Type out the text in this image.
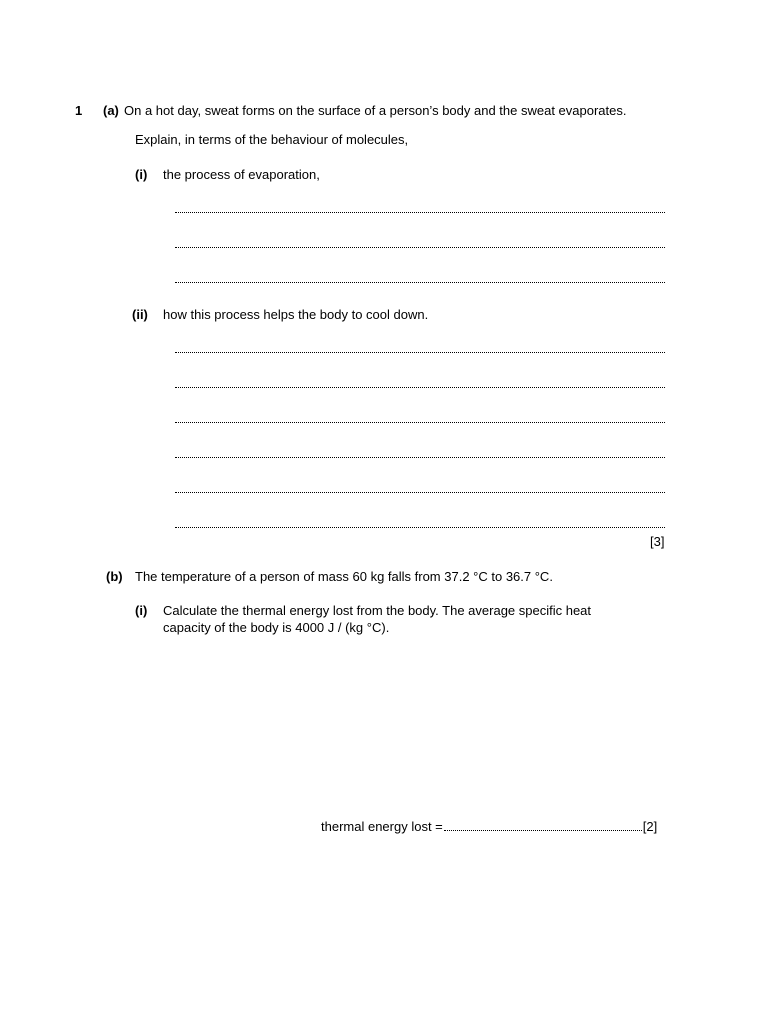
1 (a) On a hot day, sweat forms on the surface of a person’s body and the sweat evaporates.
Explain, in terms of the behaviour of molecules,
(i) the process of evaporation,
(ii) how this process helps the body to cool down.
[3]
(b) The temperature of a person of mass 60 kg falls from 37.2 °C to 36.7 °C.
(i) Calculate the thermal energy lost from the body. The average specific heat
capacity of the body is 4000 J / (kg °C).
thermal energy lost =	[2]
